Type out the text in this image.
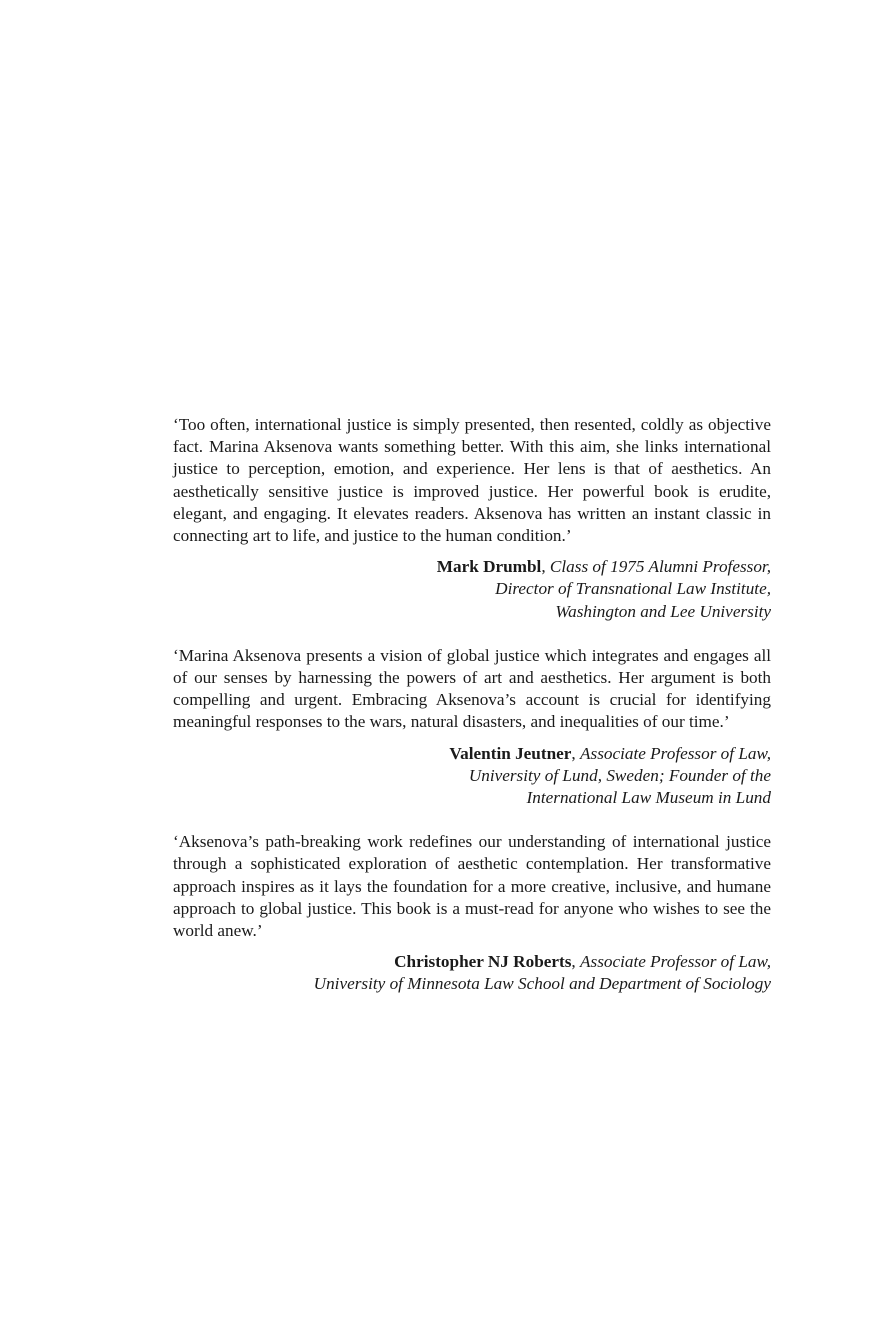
‘Too often, international justice is simply presented, then resented, coldly as objective fact. Marina Aksenova wants something better. With this aim, she links international justice to perception, emotion, and experience. Her lens is that of aesthetics. An aesthetically sensitive justice is improved justice. Her powerful book is erudite, elegant, and engaging. It elevates readers. Aksenova has written an instant classic in connecting art to life, and justice to the human condition.’

Mark Drumbl, Class of 1975 Alumni Professor,
Director of Transnational Law Institute,
Washington and Lee University

‘Marina Aksenova presents a vision of global justice which integrates and engages all of our senses by harnessing the powers of art and aesthetics. Her argument is both compelling and urgent. Embracing Aksenova’s account is crucial for identifying meaningful responses to the wars, natural disasters, and inequalities of our time.’

Valentin Jeutner, Associate Professor of Law,
University of Lund, Sweden; Founder of the
International Law Museum in Lund

‘Aksenova’s path-breaking work redefines our understanding of international justice through a sophisticated exploration of aesthetic contemplation. Her transformative approach inspires as it lays the foundation for a more creative, inclusive, and humane approach to global justice. This book is a must-read for anyone who wishes to see the world anew.’

Christopher NJ Roberts, Associate Professor of Law,
University of Minnesota Law School and Department of Sociology
